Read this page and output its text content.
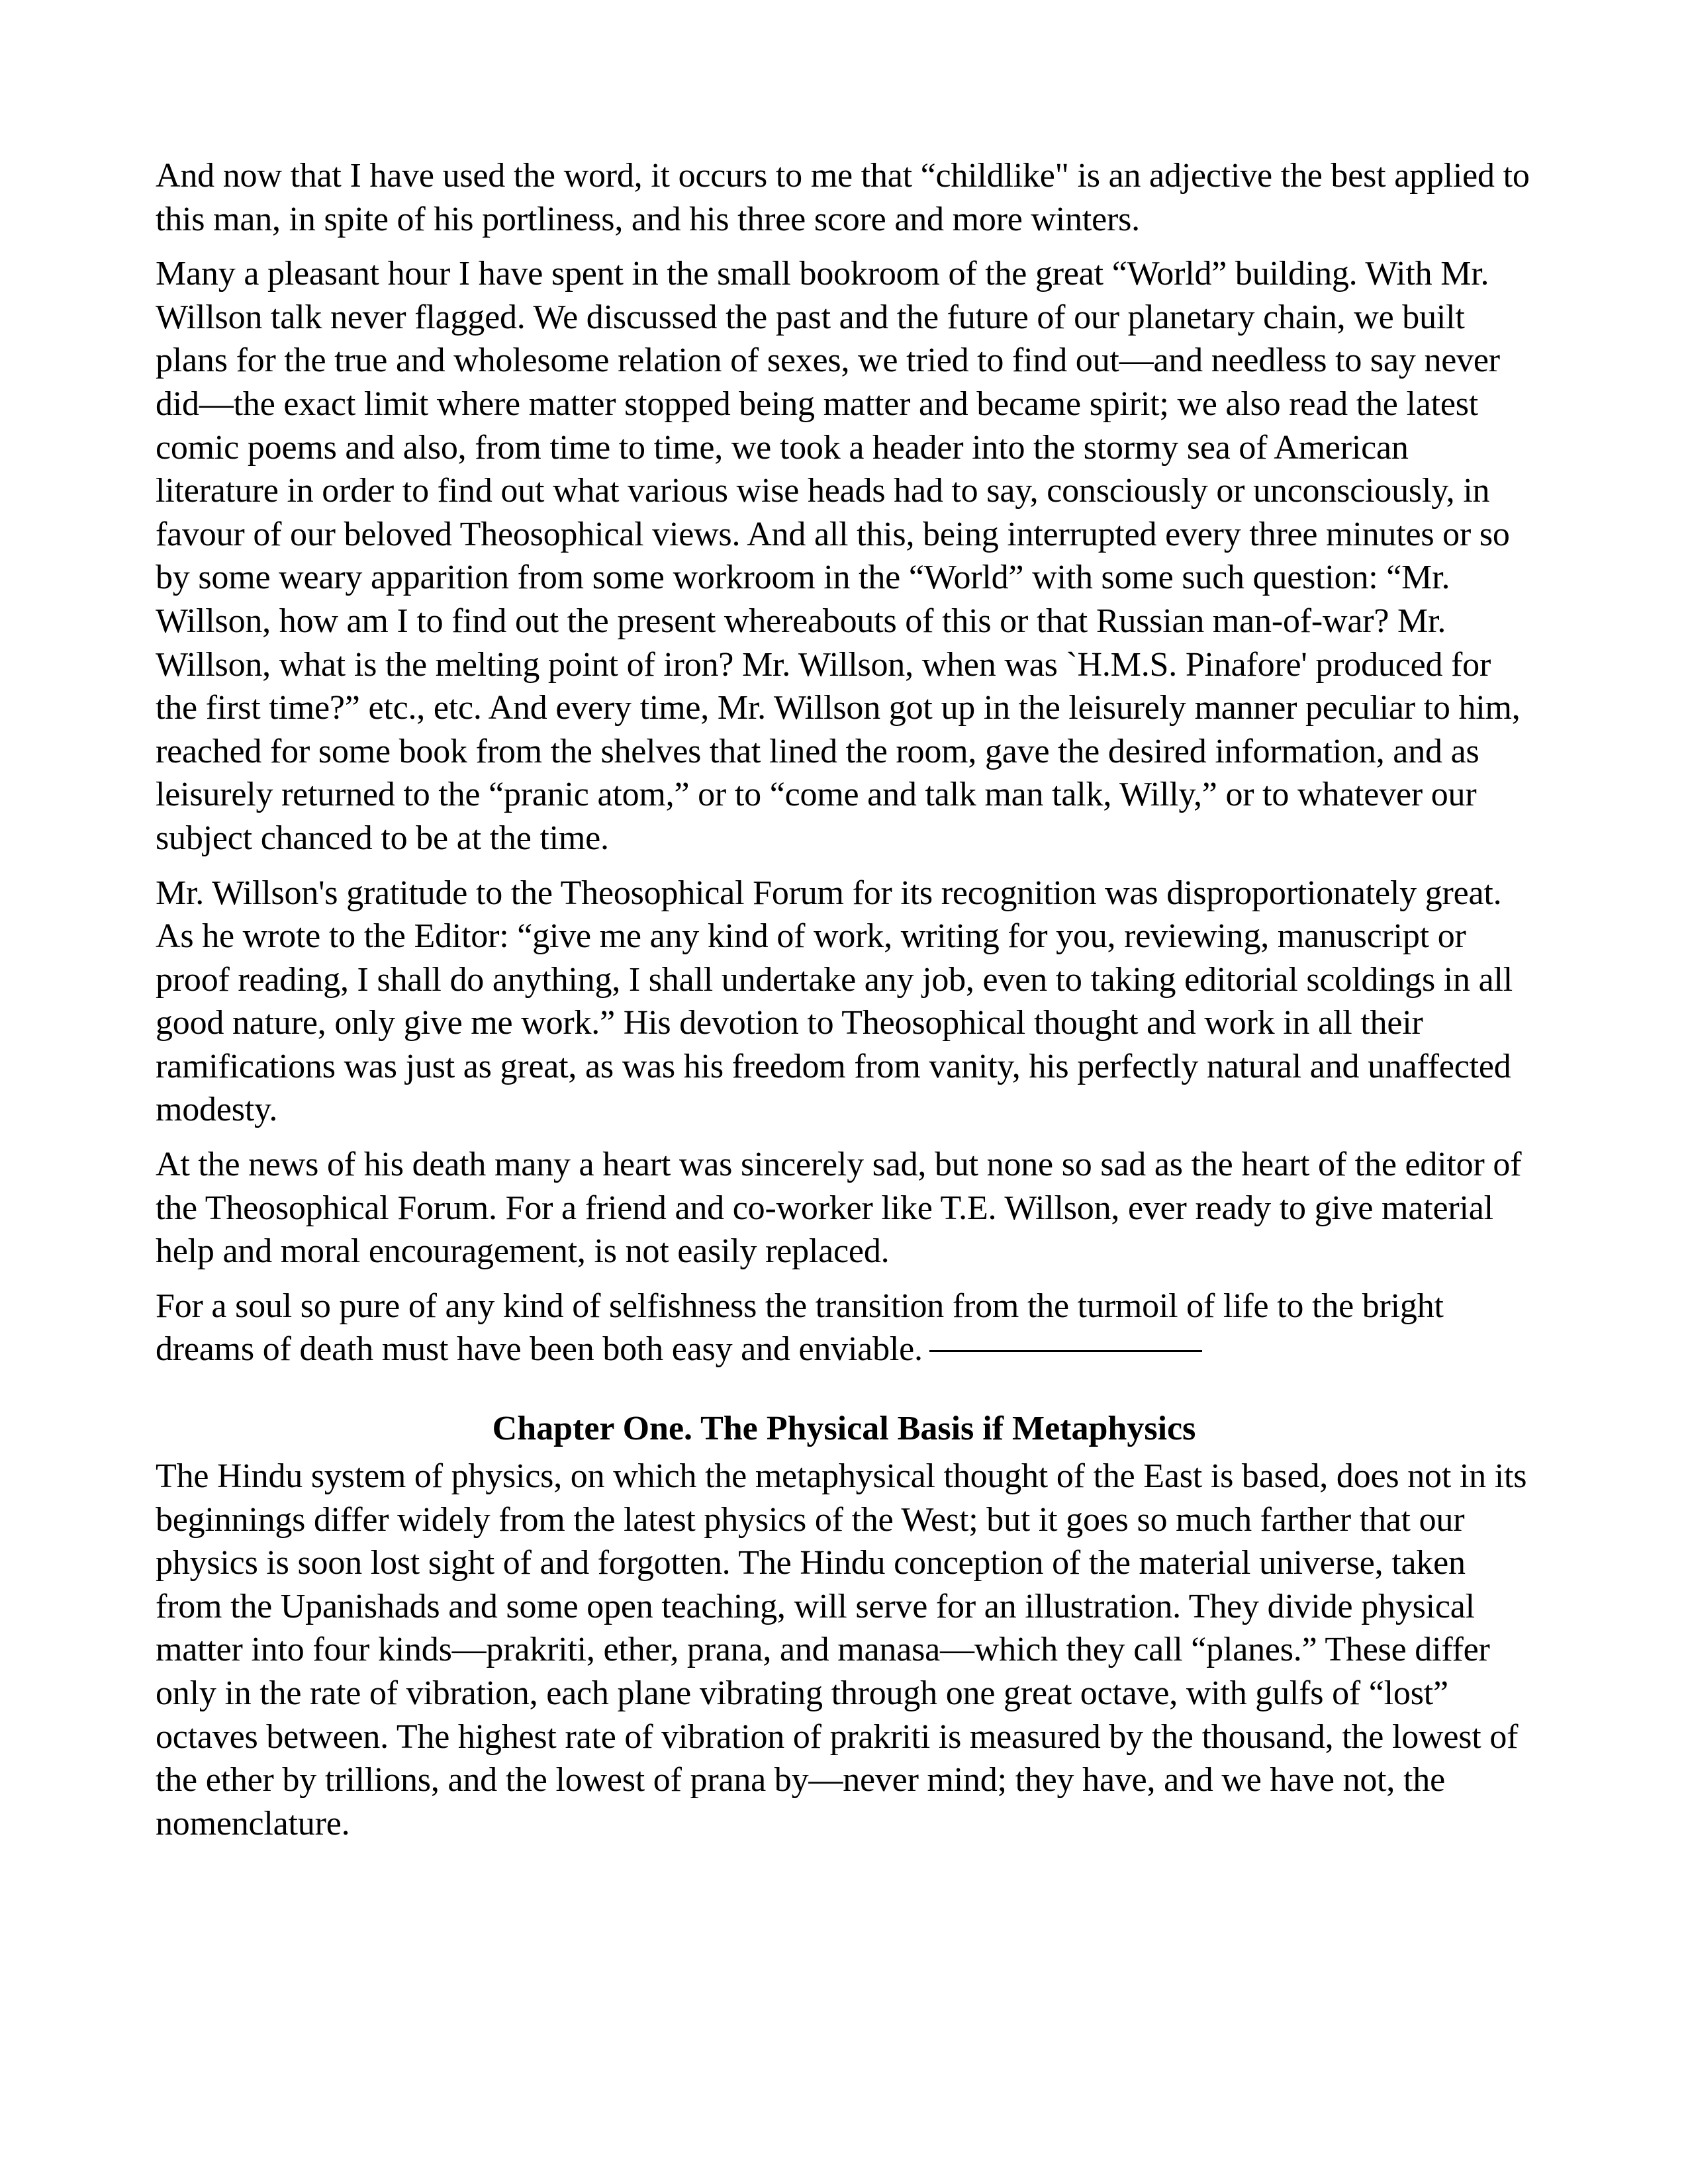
And now that I have used the word, it occurs to me that “childlike" is an adjective the best applied to this man, in spite of his portliness, and his three score and more winters.

Many a pleasant hour I have spent in the small bookroom of the great “World” building. With Mr. Willson talk never flagged. We discussed the past and the future of our planetary chain, we built plans for the true and wholesome relation of sexes, we tried to find out—and needless to say never did—the exact limit where matter stopped being matter and became spirit; we also read the latest comic poems and also, from time to time, we took a header into the stormy sea of American literature in order to find out what various wise heads had to say, consciously or unconsciously, in favour of our beloved Theosophical views. And all this, being interrupted every three minutes or so by some weary apparition from some workroom in the “World” with some such question: “Mr. Willson, how am I to find out the present whereabouts of this or that Russian man-of-war? Mr. Willson, what is the melting point of iron? Mr. Willson, when was `H.M.S. Pinafore' produced for the first time?” etc., etc. And every time, Mr. Willson got up in the leisurely manner peculiar to him, reached for some book from the shelves that lined the room, gave the desired information, and as leisurely returned to the “pranic atom,” or to “come and talk man talk, Willy,” or to whatever our subject chanced to be at the time.

Mr. Willson's gratitude to the Theosophical Forum for its recognition was disproportionately great. As he wrote to the Editor: “give me any kind of work, writing for you, reviewing, manuscript or proof reading, I shall do anything, I shall undertake any job, even to taking editorial scoldings in all good nature, only give me work.” His devotion to Theosophical thought and work in all their ramifications was just as great, as was his freedom from vanity, his perfectly natural and unaffected modesty.

At the news of his death many a heart was sincerely sad, but none so sad as the heart of the editor of the Theosophical Forum. For a friend and co-worker like T.E. Willson, ever ready to give material help and moral encouragement, is not easily replaced.

For a soul so pure of any kind of selfishness the transition from the turmoil of life to the bright dreams of death must have been both easy and enviable.

Chapter One. The Physical Basis if Metaphysics

The Hindu system of physics, on which the metaphysical thought of the East is based, does not in its beginnings differ widely from the latest physics of the West; but it goes so much farther that our physics is soon lost sight of and forgotten. The Hindu conception of the material universe, taken from the Upanishads and some open teaching, will serve for an illustration. They divide physical matter into four kinds—prakriti, ether, prana, and manasa—which they call “planes.” These differ only in the rate of vibration, each plane vibrating through one great octave, with gulfs of “lost” octaves between. The highest rate of vibration of prakriti is measured by the thousand, the lowest of the ether by trillions, and the lowest of prana by—never mind; they have, and we have not, the nomenclature.
